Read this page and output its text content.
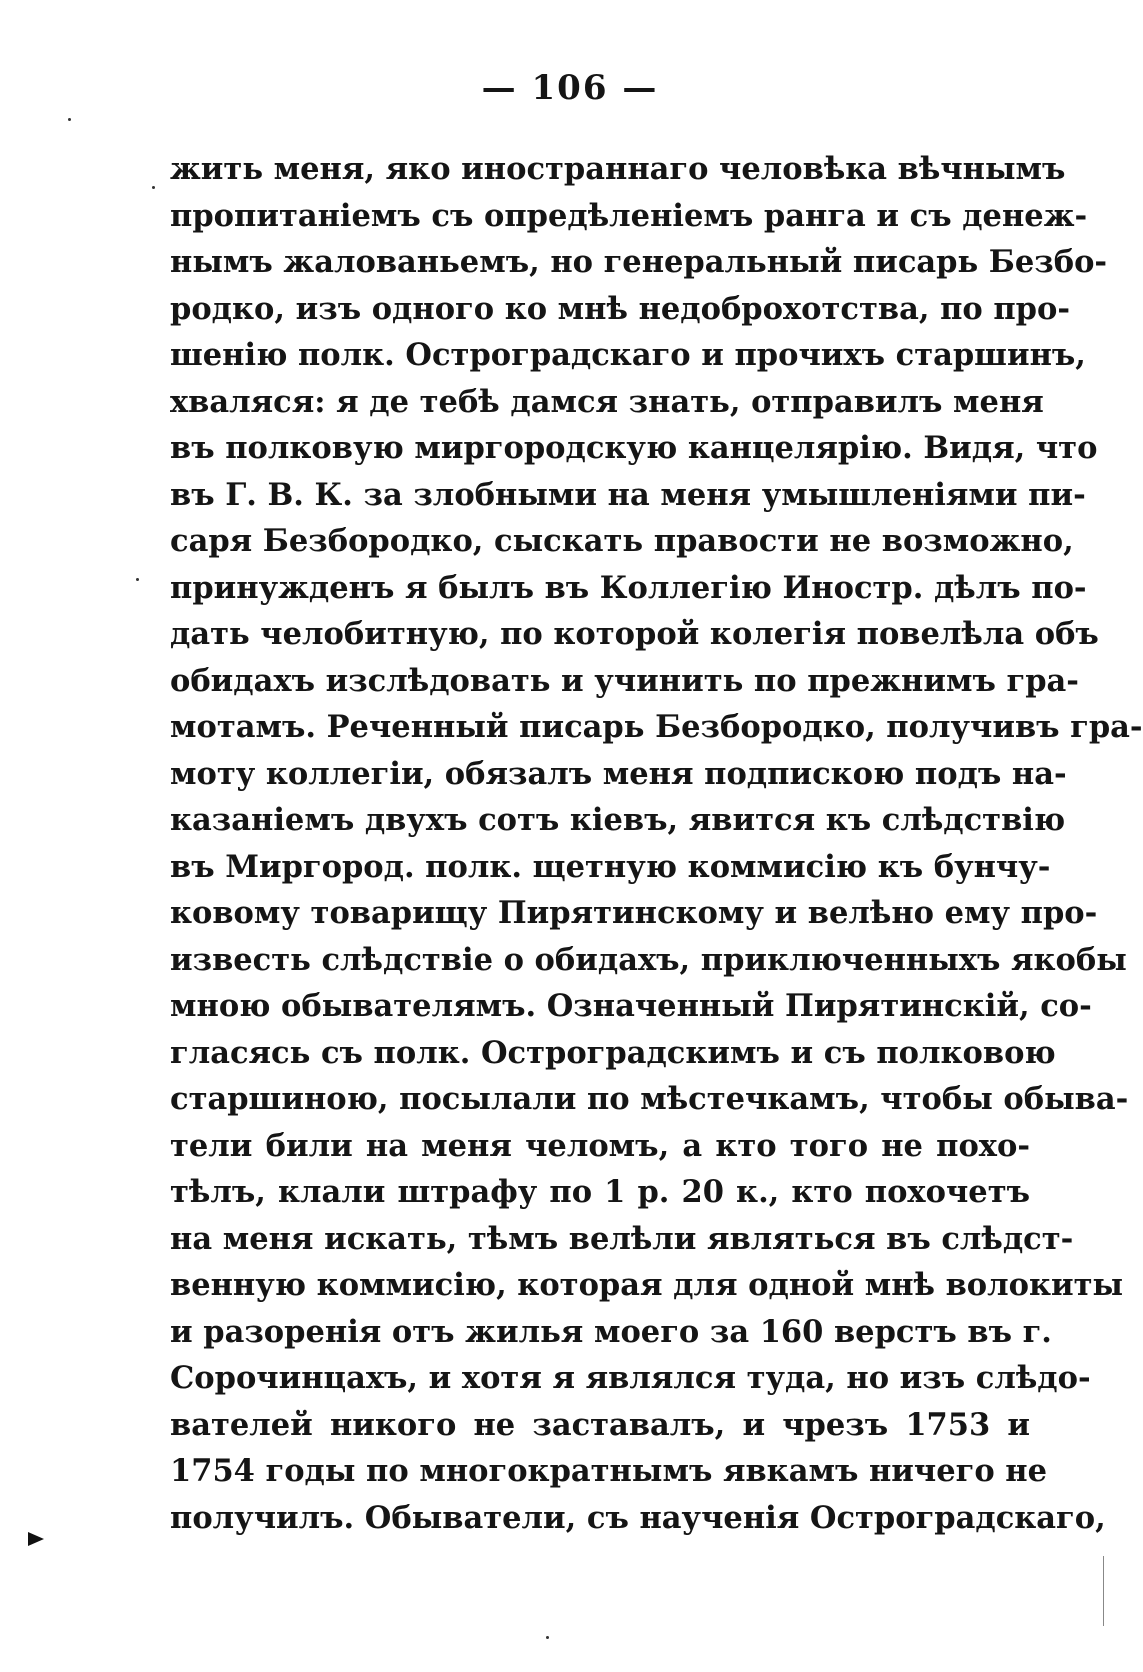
— 106 —
жить меня, яко иностраннаго человѣка вѣчнымъ
пропитаніемъ съ опредѣленіемъ ранга и съ денеж-
нымъ жалованьемъ, но генеральный писарь Безбо-
родко, изъ одного ко мнѣ недоброхотства, по про-
шенію полк. Остроградскаго и прочихъ старшинъ,
хваляся: я де тебѣ дамся знать, отправилъ меня
въ полковую миргородскую канцелярію. Видя, что
въ Г. В. К. за злобными на меня умышленіями пи-
саря Безбородко, сыскать правости не возможно,
принужденъ я былъ въ Коллегію Иностр. дѣлъ по-
дать челобитную, по которой колегія повелѣла объ
обидахъ изслѣдовать и учинить по прежнимъ гра-
мотамъ. Реченный писарь Безбородко, получивъ гра-
моту коллегіи, обязалъ меня подпискою подъ на-
казаніемъ двухъ сотъ кіевъ, явится къ слѣдствію
въ Миргород. полк. щетную коммисію къ бунчу-
ковому товарищу Пирятинскому и велѣно ему про-
известь слѣдствіе о обидахъ, приключенныхъ якобы
мною обывателямъ. Означенный Пирятинскій, со-
гласясь съ полк. Остроградскимъ и съ полковою
старшиною, посылали по мѣстечкамъ, чтобы обыва-
тели били на меня челомъ, а кто того не похо-
тѣлъ, клали штрафу по 1 р. 20 к., кто похочетъ
на меня искать, тѣмъ велѣли являться въ слѣдст-
венную коммисію, которая для одной мнѣ волокиты
и разоренія отъ жилья моего за 160 верстъ въ г.
Сорочинцахъ, и хотя я являлся туда, но изъ слѣдо-
вателей никого не заставалъ, и чрезъ 1753 и
1754 годы по многократнымъ явкамъ ничего не
получилъ. Обыватели, съ наученія Остроградскаго,
